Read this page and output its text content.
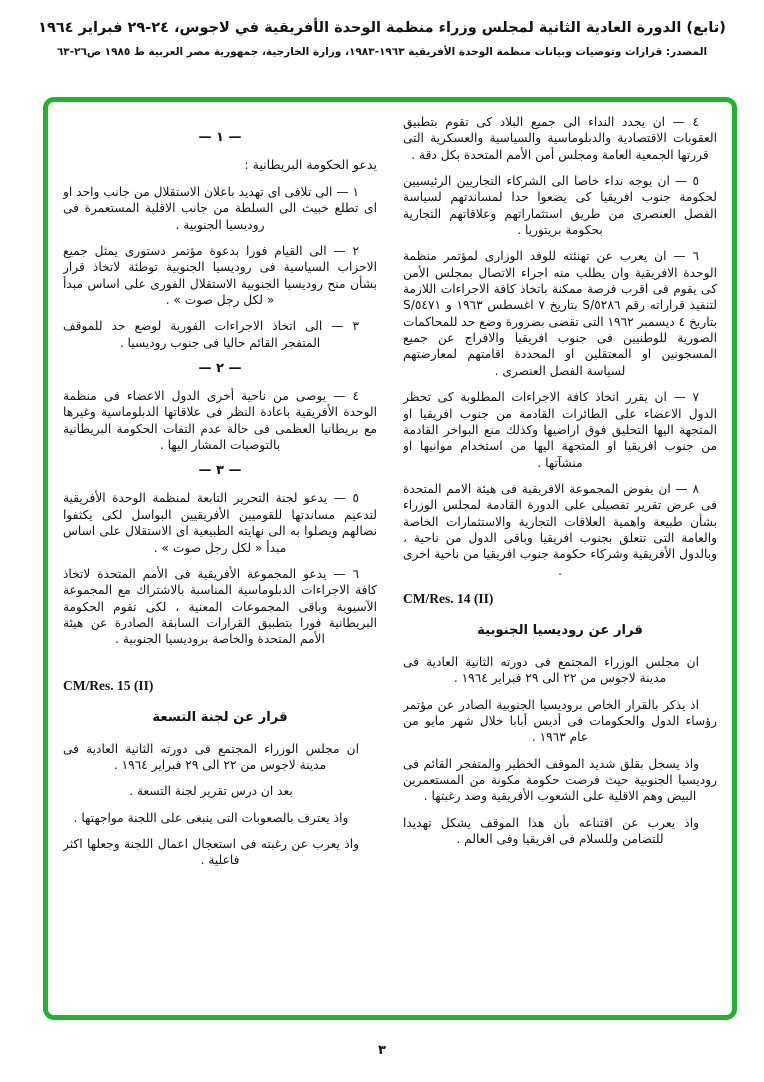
(تابع) الدورة العادية الثانية لمجلس وزراء منظمة الوحدة الأفريقية في لاجوس، ٢٤-٢٩ فبراير ١٩٦٤
المصدر: قرارات وتوصيات وبيانات منظمة الوحدة الأفريقية ١٩٦٣-١٩٨٣، وزارة الخارجية، جمهورية مصر العربية ط ١٩٨٥ ص٢٦-٦٣

٤ — ان يجدد النداء الى جميع البلاد كى تقوم بتطبيق العقوبات الاقتصادية والدبلوماسية والسياسية والعسكرية التى قررتها الجمعية العامة ومجلس أمن الأمم المتحدة بكل دقة .

٥ — ان يوجه نداء خاصا الى الشركاء التجاريين الرئيسيين لحكومة جنوب افريقيا كى يضعوا حدا لمساندتهم لسياسة الفصل العنصرى من طريق استثماراتهم وعلاقاتهم التجارية بحكومة بريتوريا .

٦ — ان يعرب عن تهنئته للوفد الوزارى لمؤتمر منظمة الوحدة الافريقية وان يطلب منه اجراء الاتصال بمجلس الأمن كى يقوم فى اقرب فرصة ممكنة باتخاذ كافة الاجراءات اللازمة لتنفيذ قراراته رقم ٥٢٨٦/S بتاريخ ٧ اغسطس ١٩٦٣ و ٥٤٧١/S بتاريخ ٤ ديسمبر ١٩٦٢ التى تقضى بضرورة وضع حد للمحاكمات الصورية للوطنيين فى جنوب افريقيا والافراج عن جميع المسجونين او المعتقلين او المحددة اقامتهم لمعارضتهم لسياسة الفصل العنصرى .

٧ — ان يقرر اتخاذ كافة الاجراءات المطلوبة كى تحظر الدول الاعضاء على الطائرات القادمة من جنوب افريقيا او المتجهة اليها التحليق فوق اراضيها وكذلك منع البواخر القادمة من جنوب افريقيا او المتجهة اليها من استخدام موانيها او منشآتها .

٨ — ان يفوض المجموعة الافريقية فى هيئة الامم المتحدة فى عرض تقرير تفصيلى على الدورة القادمة لمجلس الوزراء بشأن طبيعة واهمية العلاقات التجارية والاستثمارات الخاصة والعامة التى تتعلق بجنوب افريقيا وباقى الدول من ناحية ، وبالدول الأفريقية وشركاء حكومة جنوب افريقيا من ناحية اخرى .

CM/Res. 14 (II)
قرار عن روديسيا الجنوبية

ان مجلس الوزراء المجتمع فى دورته الثانية العادية فى مدينة لاجوس من ٢٢ الى ٢٩ فبراير ١٩٦٤ .

اذ يذكر بالقرار الخاص بروديسيا الجنوبية الصادر عن مؤتمر رؤساء الدول والحكومات فى أديس أبابا خلال شهر مايو من عام ١٩٦٣ .

واذ يسجل بقلق شديد الموقف الخطير والمتفجر القائم فى روديسيا الجنوبية حيث فرضت حكومة مكونة من المستعمرين البيض وهم الاقلية على الشعوب الأفريقية وضد رغبتها .

واذ يعرب عن اقتناعه بأن هذا الموقف يشكل تهديدا للتضامن وللسلام فى افريقيا وفى العالم .

— ١ —
يدعو الحكومة البريطانية :

١ — الى تلافى اى تهديد باعلان الاستقلال من جانب واحد او اى تطلع خبيث الى السلطة من جانب الاقلية المستعمرة فى روديسيا الجنوبية .

٢ — الى القيام فورا بدعوة مؤتمر دستورى يمثل جميع الاحزاب السياسية فى روديسيا الجنوبية توطئة لاتخاذ قرار بشأن منح روديسيا الجنوبية الاستقلال الفورى على اساس مبدأ « لكل رجل صوت » .

٣ — الى اتخاذ الاجراءات الفورية لوضع حد للموقف المتفجر القائم حاليا فى جنوب روديسيا .

— ٢ —

٤ — يوصى من ناحية أخرى الدول الاعضاء فى منظمة الوحدة الأفريقية باعادة النظر فى علاقاتها الدبلوماسية وغيرها مع بريطانيا العظمى فى حالة عدم التفات الحكومة البريطانية بالتوصيات المشار اليها .

— ٣ —

٥ — يدعو لجنة التحرير التابعة لمنظمة الوحدة الأفريقية لتدعيم مساندتها للقوميين الأفريقيين البواسل لكى يكثفوا نضالهم ويصلوا به الى نهايته الطبيعية اى الاستقلال على اساس مبدأ « لكل رجل صوت » .

٦ — يدعو المجموعة الأفريقية فى الأمم المتحدة لاتخاذ كافة الاجراءات الدبلوماسية المناسبة بالاشتراك مع المجموعة الآسيوية وباقى المجموعات المعنية ، لكى تقوم الحكومة البريطانية فورا بتطبيق القرارات السابقة الصادرة عن هيئة الأمم المتحدة والخاصة بروديسيا الجنوبية .

CM/Res. 15 (II)
قرار عن لجنة التسعة

ان مجلس الوزراء المجتمع فى دورته الثانية العادية فى مدينة لاجوس من ٢٢ الى ٢٩ فبراير ١٩٦٤ .

بعد ان درس تقرير لجنة التسعة .

واذ يعترف بالصعوبات التى ينبغى على اللجنة مواجهتها .

واذ يعرب عن رغبته فى استعجال اعمال اللجنة وجعلها اكثر فاعلية .

٣
